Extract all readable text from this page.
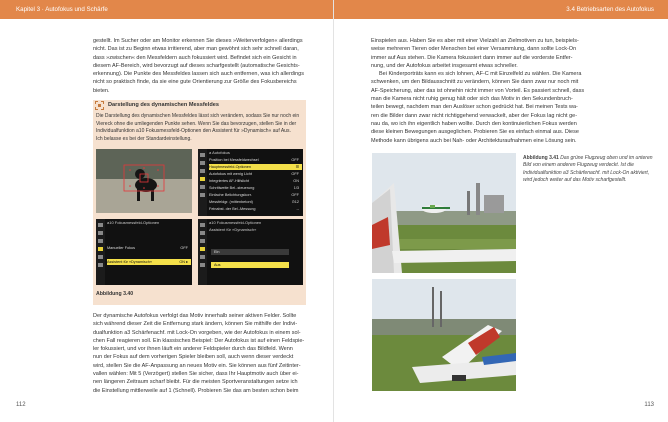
Kapitel 3 · Autofokus und Schärfe

gestellt. Im Sucher oder am Monitor erkennen Sie dieses »Weiterverfolgen« allerdings

nicht. Das ist zu Beginn etwas irritierend, aber man gewöhnt sich sehr schnell daran,

dass »zwischen« den Messfeldern auch fokussiert wird. Befindet sich ein Gesicht in

diesem AF-Bereich, wird bevorzugt auf dieses scharfgestellt (automatische Gesichts-

erkennung). Die Punkte des Messfeldes lassen sich auch entfernen, was ich allerdings

nicht so praktisch finde, da sie eine gute Orientierung zur Größe des Fokusbereichs

bieten.

Darstellung des dynamischen Messfeldes

Die Darstellung des dynamischen Messfeldes lässt sich verändern, sodass Sie nur noch ein

Viereck ohne die umliegenden Punkte sehen. Wenn Sie das bevorzugen, stellen Sie in der

Individualfunktion a10 Fokusmessfeld-Optionen den Assistent für »Dynamisch« auf Aus.

Ich belasse es bei der Standardeinstellung.

a Autofokus
Position bei Messfeldwechsel	OFF
Hauptmessfeld-Optionen	☰
Autofokus mit wenig Licht	OFF
Integriertes AF-Hilfslicht	ON
Schrittweite Bel.-steuerung	1/3
Einfache Belichtungskorr.	OFF
Messfeldgr. (mittenbetont)	⊙12
Feinabst. der Bel.-Messung	--
a10 Fokusmessfeld-Optionen
Manueller Fokus	OFF
Assistent für »Dynamisch«	ON ▸
a10 Fokusmessfeld-Optionen
Assistent für »Dynamisch«
Ein
Aus
Abbildung 3.40

Der dynamische Autofokus verfolgt das Motiv innerhalb seiner aktiven Felder. Sollte

sich während dieser Zeit die Entfernung stark ändern, können Sie mithilfe der Indivi-

dualfunktion a3 Schärfenachf. mit Lock-On vorgeben, wie der Autofokus in einem sol-

chen Fall reagieren soll. Ein klassisches Beispiel: Der Autofokus ist auf einen Feldspie-

ler fokussiert, und vor ihnen läuft ein anderer Feldspieler durch das Bildfeld. Wenn

nun der Fokus auf dem vorherigen Spieler bleiben soll, auch wenn dieser verdeckt

wird, stellen Sie die AF-Anpassung an neues Motiv ein. Sie können aus fünf Zeitinter-

vallen wählen: Mit 5 (Verzögert) stellen Sie sicher, dass Ihr Hauptmotiv auch über ei-

nen längeren Zeitraum scharf bleibt. Für die meisten Sportveranstaltungen setze ich

die Einstellung mittlerweile auf 1 (Schnell). Probieren Sie das am besten schon beim

112
3.4 Betriebsarten des Autofokus

Einspielen aus. Haben Sie es aber mit einer Vielzahl an Zielmotiven zu tun, beispiels-

weise mehreren Tieren oder Menschen bei einer Versammlung, dann sollte Lock-On

immer auf Aus stehen. Die Kamera fokussiert dann immer auf die vorderste Entfer-

nung, und der Autofokus arbeitet insgesamt etwas schneller.

Bei Kinderporträts kann es sich lohnen, AF-C mit Einzelfeld zu wählen. Die Kamera

schwenken, um den Bildausschnitt zu verändern, können Sie dann zwar nur noch mit

AF-Speicherung, aber das ist ohnehin nicht immer von Vorteil. Es passiert schnell, dass

man die Kamera nicht ruhig genug hält oder sich das Motiv in den Sekundenbruch-

teilen bewegt, nachdem man den Auslöser schon gedrückt hat. Bei meinen Tests wa-

ren die Bilder dann zwar nicht richtiggehend verwackelt, aber der Fokus lag nicht ge-

nau da, wo ich ihn eigentlich haben wollte. Durch den kontinuierlichen Fokus werden

diese kleinen Bewegungen ausgeglichen. Probieren Sie es einfach einmal aus. Diese

Methode kann übrigens auch bei Nah- oder Architekturaufnahmen eine Lösung sein.

113
Abbildung 3.41 Das grüne Flugzeug oben und im unteren Bild von einem anderen Flugzeug verdeckt. Ist die Individualfunktion a3 Schärfenachf. mit Lock-On aktiviert, wird jedoch weiter auf das Motiv scharfgestellt.
